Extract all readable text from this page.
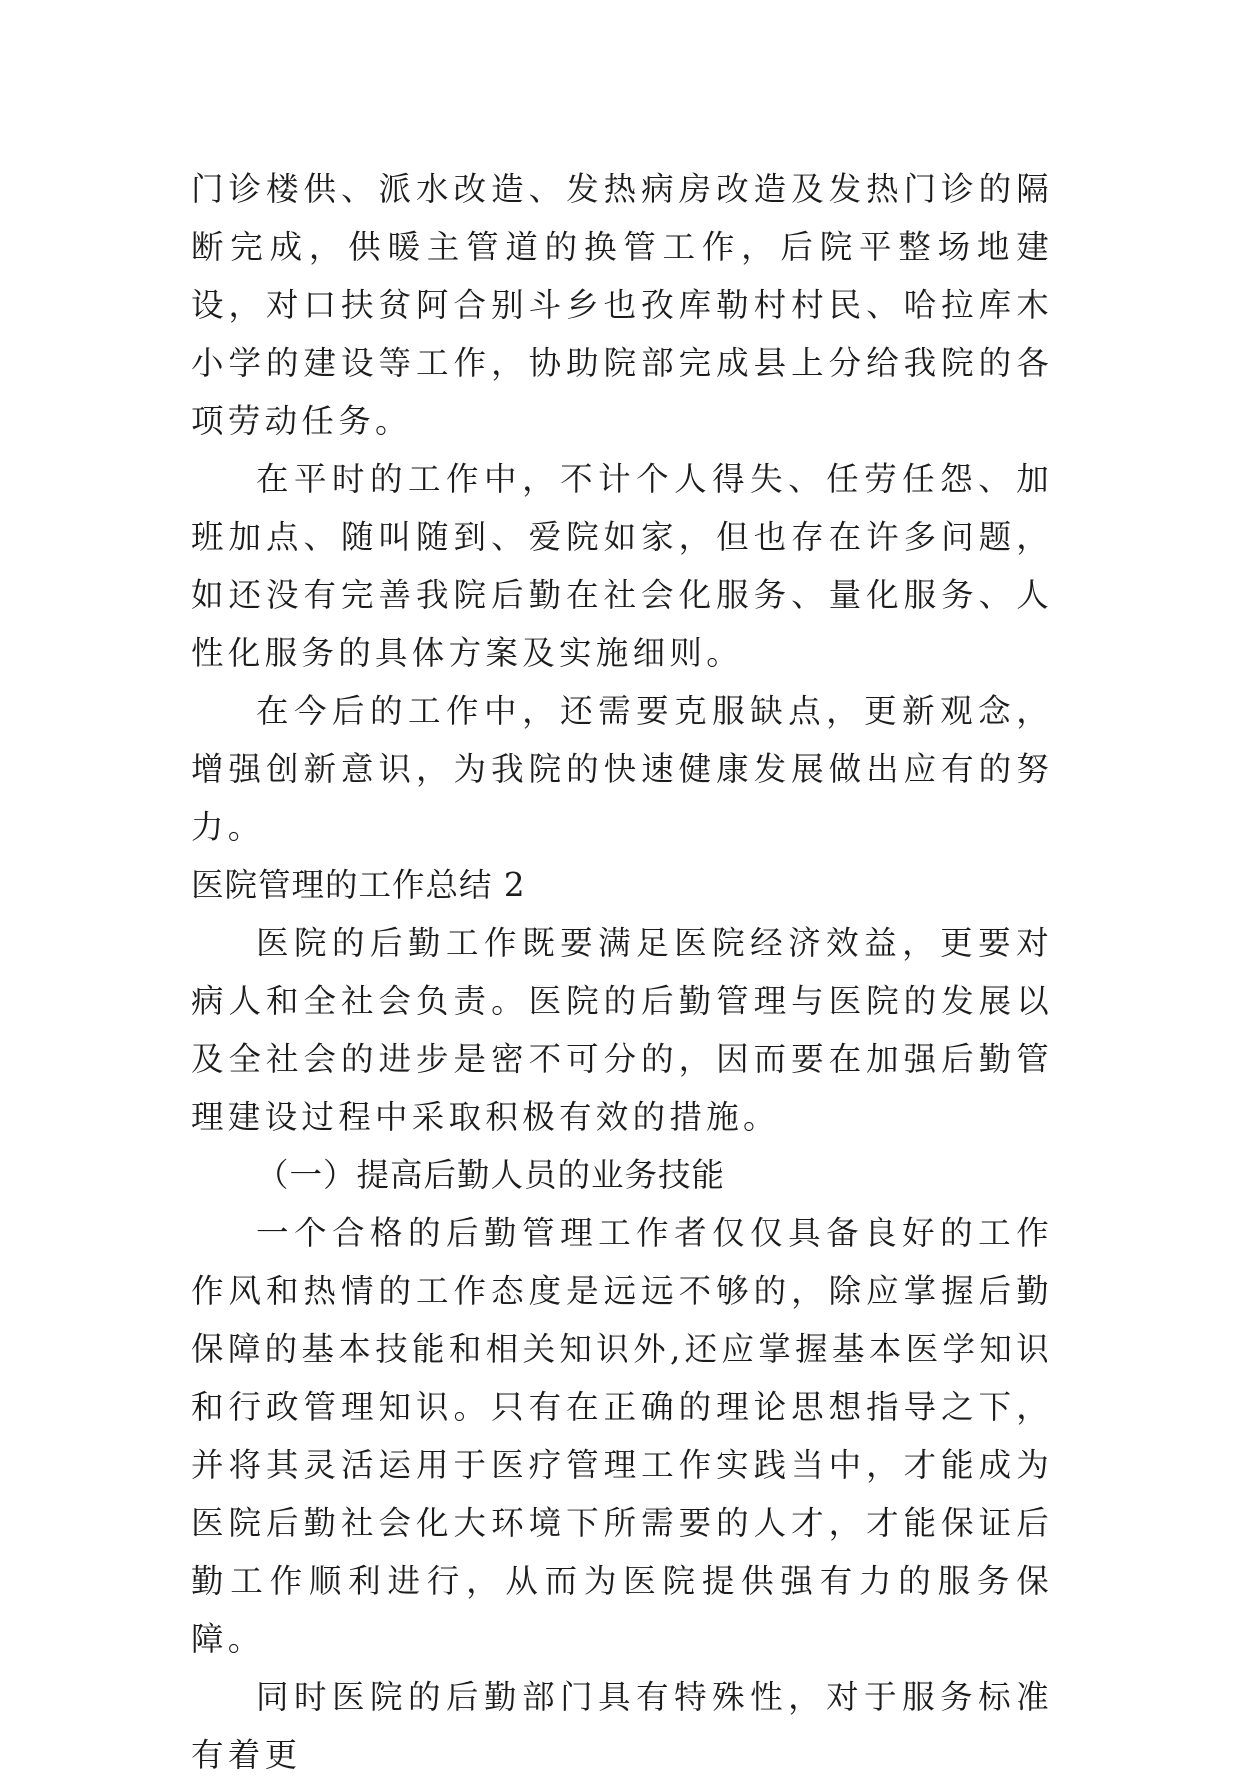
门诊楼供、派水改造、发热病房改造及发热门诊的隔断完成，供暖主管道的换管工作，后院平整场地建设，对口扶贫阿合别斗乡也孜库勒村村民、哈拉库木小学的建设等工作，协助院部完成县上分给我院的各项劳动任务。

在平时的工作中，不计个人得失、任劳任怨、加班加点、随叫随到、爱院如家，但也存在许多问题，如还没有完善我院后勤在社会化服务、量化服务、人性化服务的具体方案及实施细则。

在今后的工作中，还需要克服缺点，更新观念，增强创新意识，为我院的快速健康发展做出应有的努力。

医院管理的工作总结 2

医院的后勤工作既要满足医院经济效益，更要对病人和全社会负责。医院的后勤管理与医院的发展以及全社会的进步是密不可分的，因而要在加强后勤管理建设过程中采取积极有效的措施。

（一）提高后勤人员的业务技能

一个合格的后勤管理工作者仅仅具备良好的工作作风和热情的工作态度是远远不够的，除应掌握后勤保障的基本技能和相关知识外,还应掌握基本医学知识和行政管理知识。只有在正确的理论思想指导之下，并将其灵活运用于医疗管理工作实践当中，才能成为医院后勤社会化大环境下所需要的人才，才能保证后勤工作顺利进行，从而为医院提供强有力的服务保障。

同时医院的后勤部门具有特殊性，对于服务标准有着更
